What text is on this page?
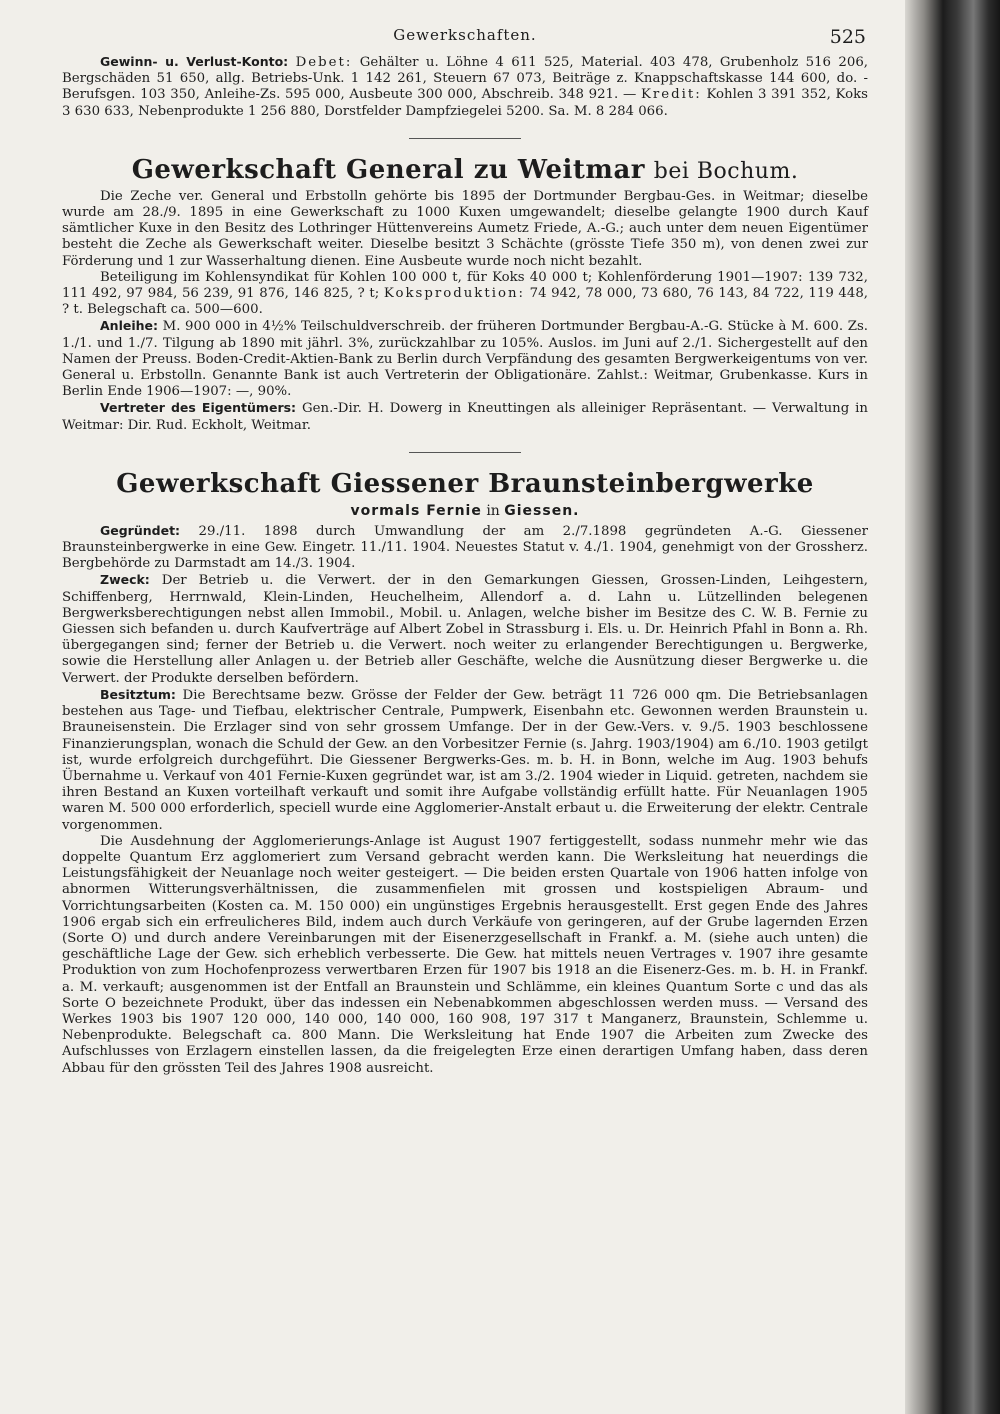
Gewerkschaften.	525

Gewinn- u. Verlust-Konto: Debet: Gehälter u. Löhne 4 611 525, Material. 403 478, Grubenholz 516 206, Bergschäden 51 650, allg. Betriebs-Unk. 1 142 261, Steuern 67 073, Beiträge z. Knappschaftskasse 144 600, do. -Berufsgen. 103 350, Anleihe-Zs. 595 000, Ausbeute 300 000, Abschreib. 348 921. — Kredit: Kohlen 3 391 352, Koks 3 630 633, Nebenprodukte 1 256 880, Dorstfelder Dampfziegelei 5200. Sa. M. 8 284 066.

Gewerkschaft General zu Weitmar bei Bochum.

Die Zeche ver. General und Erbstolln gehörte bis 1895 der Dortmunder Bergbau-Ges. in Weitmar; dieselbe wurde am 28./9. 1895 in eine Gewerkschaft zu 1000 Kuxen umgewandelt; dieselbe gelangte 1900 durch Kauf sämtlicher Kuxe in den Besitz des Lothringer Hüttenvereins Aumetz Friede, A.-G.; auch unter dem neuen Eigentümer besteht die Zeche als Gewerkschaft weiter. Dieselbe besitzt 3 Schächte (grösste Tiefe 350 m), von denen zwei zur Förderung und 1 zur Wasserhaltung dienen. Eine Ausbeute wurde noch nicht bezahlt.

Beteiligung im Kohlensyndikat für Kohlen 100 000 t, für Koks 40 000 t; Kohlenförderung 1901—1907: 139 732, 111 492, 97 984, 56 239, 91 876, 146 825, ? t; Koksproduktion: 74 942, 78 000, 73 680, 76 143, 84 722, 119 448, ? t. Belegschaft ca. 500—600.

Anleihe: M. 900 000 in 4½% Teilschuldverschreib. der früheren Dortmunder Bergbau-A.-G. Stücke à M. 600. Zs. 1./1. und 1./7. Tilgung ab 1890 mit jährl. 3%, zurückzahlbar zu 105%. Auslos. im Juni auf 2./1. Sichergestellt auf den Namen der Preuss. Boden-Credit-Aktien-Bank zu Berlin durch Verpfändung des gesamten Bergwerkeigentums von ver. General u. Erbstolln. Genannte Bank ist auch Vertreterin der Obligationäre. Zahlst.: Weitmar, Grubenkasse. Kurs in Berlin Ende 1906—1907: —, 90%.

Vertreter des Eigentümers: Gen.-Dir. H. Dowerg in Kneuttingen als alleiniger Repräsentant. — Verwaltung in Weitmar: Dir. Rud. Eckholt, Weitmar.

Gewerkschaft Giessener Braunsteinbergwerke

vormals Fernie in Giessen.

Gegründet: 29./11. 1898 durch Umwandlung der am 2./7.1898 gegründeten A.-G. Giessener Braunsteinbergwerke in eine Gew. Eingetr. 11./11. 1904. Neuestes Statut v. 4./1. 1904, genehmigt von der Grossherz. Bergbehörde zu Darmstadt am 14./3. 1904.

Zweck: Der Betrieb u. die Verwert. der in den Gemarkungen Giessen, Grossen-Linden, Leihgestern, Schiffenberg, Herrnwald, Klein-Linden, Heuchelheim, Allendorf a. d. Lahn u. Lützellinden belegenen Bergwerksberechtigungen nebst allen Immobil., Mobil. u. Anlagen, welche bisher im Besitze des C. W. B. Fernie zu Giessen sich befanden u. durch Kaufverträge auf Albert Zobel in Strassburg i. Els. u. Dr. Heinrich Pfahl in Bonn a. Rh. übergegangen sind; ferner der Betrieb u. die Verwert. noch weiter zu erlangender Berechtigungen u. Bergwerke, sowie die Herstellung aller Anlagen u. der Betrieb aller Geschäfte, welche die Ausnützung dieser Bergwerke u. die Verwert. der Produkte derselben befördern.

Besitztum: Die Berechtsame bezw. Grösse der Felder der Gew. beträgt 11 726 000 qm. Die Betriebsanlagen bestehen aus Tage- und Tiefbau, elektrischer Centrale, Pumpwerk, Eisenbahn etc. Gewonnen werden Braunstein u. Brauneisenstein. Die Erzlager sind von sehr grossem Umfange. Der in der Gew.-Vers. v. 9./5. 1903 beschlossene Finanzierungsplan, wonach die Schuld der Gew. an den Vorbesitzer Fernie (s. Jahrg. 1903/1904) am 6./10. 1903 getilgt ist, wurde erfolgreich durchgeführt. Die Giessener Bergwerks-Ges. m. b. H. in Bonn, welche im Aug. 1903 behufs Übernahme u. Verkauf von 401 Fernie-Kuxen gegründet war, ist am 3./2. 1904 wieder in Liquid. getreten, nachdem sie ihren Bestand an Kuxen vorteilhaft verkauft und somit ihre Aufgabe vollständig erfüllt hatte. Für Neuanlagen 1905 waren M. 500 000 erforderlich, speciell wurde eine Agglomerier-Anstalt erbaut u. die Erweiterung der elektr. Centrale vorgenommen.

Die Ausdehnung der Agglomerierungs-Anlage ist August 1907 fertiggestellt, sodass nunmehr mehr wie das doppelte Quantum Erz agglomeriert zum Versand gebracht werden kann. Die Werksleitung hat neuerdings die Leistungsfähigkeit der Neuanlage noch weiter gesteigert. — Die beiden ersten Quartale von 1906 hatten infolge von abnormen Witterungsverhältnissen, die zusammenfielen mit grossen und kostspieligen Abraum- und Vorrichtungsarbeiten (Kosten ca. M. 150 000) ein ungünstiges Ergebnis herausgestellt. Erst gegen Ende des Jahres 1906 ergab sich ein erfreulicheres Bild, indem auch durch Verkäufe von geringeren, auf der Grube lagernden Erzen (Sorte O) und durch andere Vereinbarungen mit der Eisenerzgesellschaft in Frankf. a. M. (siehe auch unten) die geschäftliche Lage der Gew. sich erheblich verbesserte. Die Gew. hat mittels neuen Vertrages v. 1907 ihre gesamte Produktion von zum Hochofenprozess verwertbaren Erzen für 1907 bis 1918 an die Eisenerz-Ges. m. b. H. in Frankf. a. M. verkauft; ausgenommen ist der Entfall an Braunstein und Schlämme, ein kleines Quantum Sorte c und das als Sorte O bezeichnete Produkt, über das indessen ein Nebenabkommen abgeschlossen werden muss. — Versand des Werkes 1903 bis 1907 120 000, 140 000, 140 000, 160 908, 197 317 t Manganerz, Braunstein, Schlemme u. Nebenprodukte. Belegschaft ca. 800 Mann. Die Werksleitung hat Ende 1907 die Arbeiten zum Zwecke des Aufschlusses von Erzlagern einstellen lassen, da die freigelegten Erze einen derartigen Umfang haben, dass deren Abbau für den grössten Teil des Jahres 1908 ausreicht.
